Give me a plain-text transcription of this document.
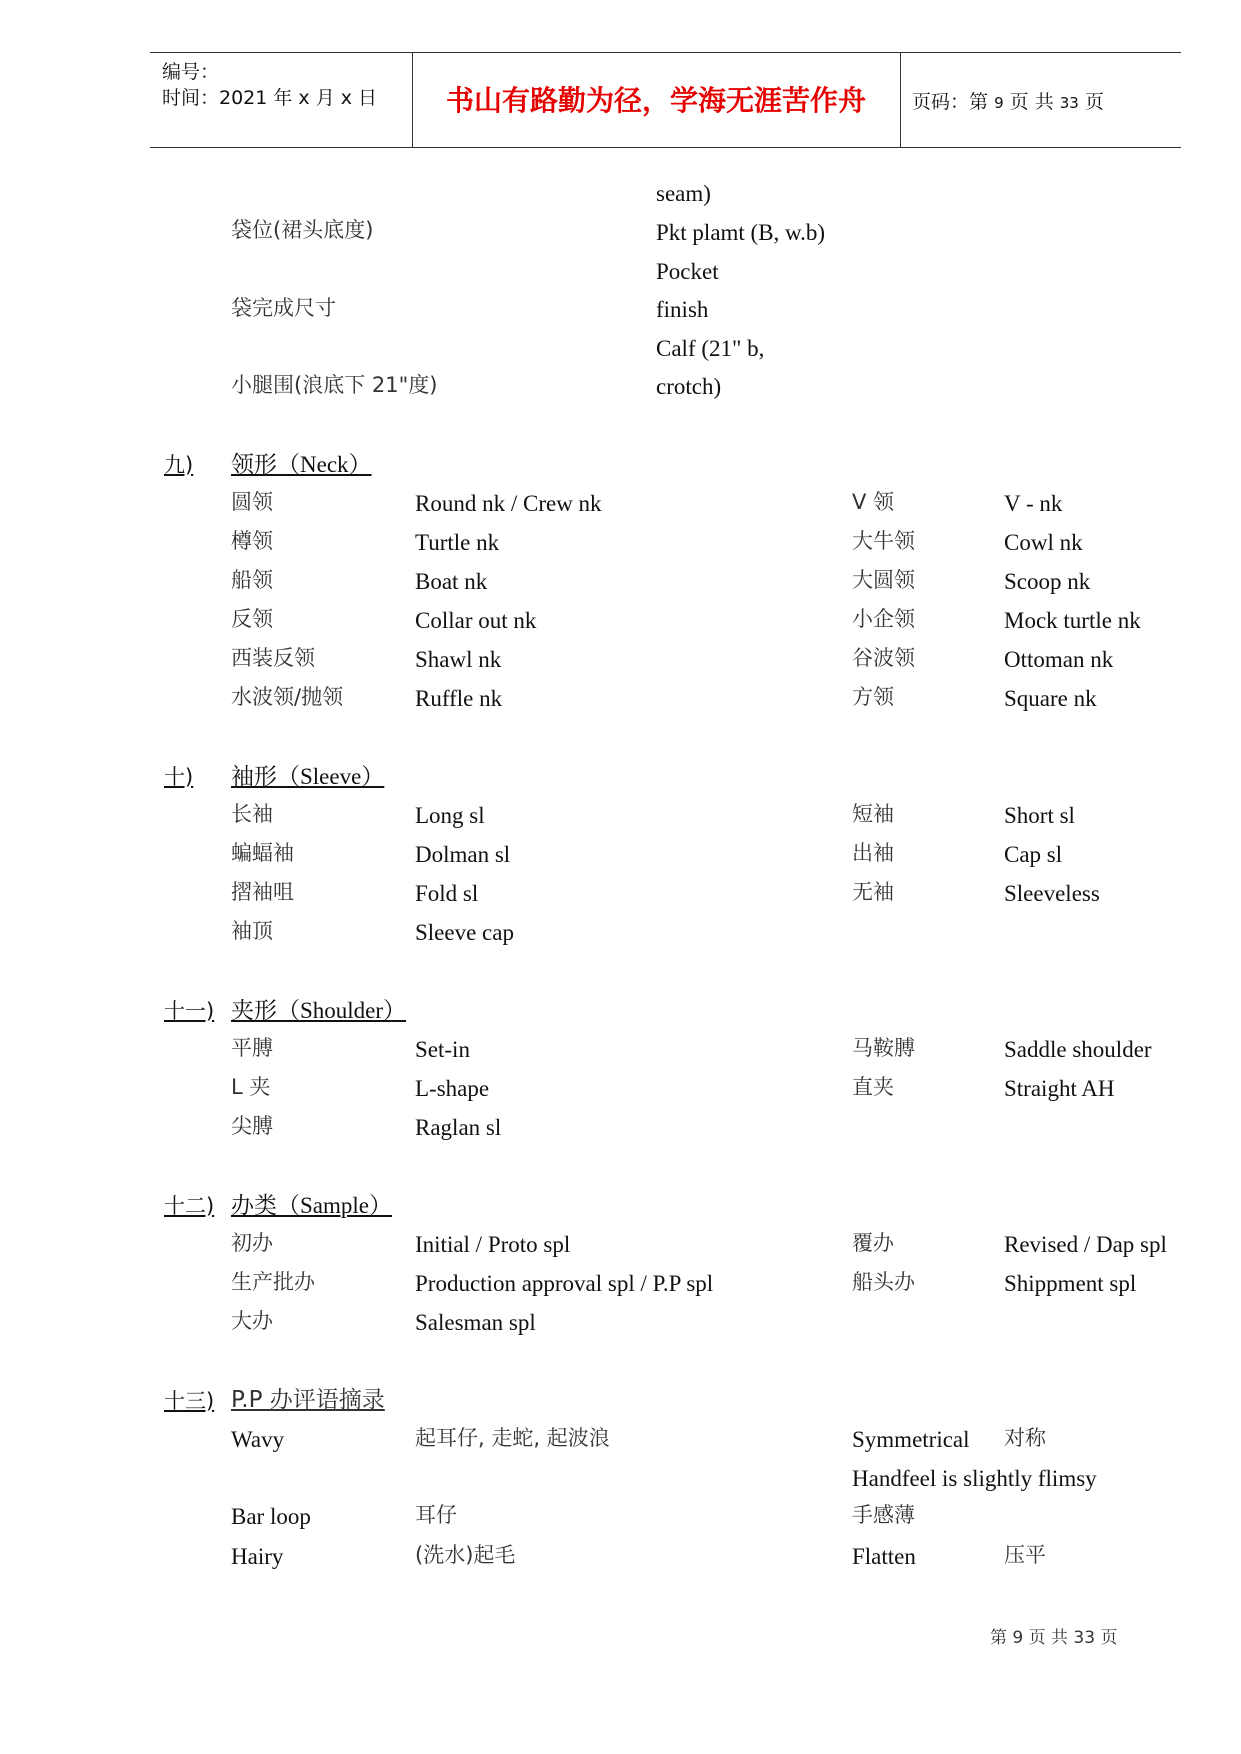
编号：
时间：2021 年 x 月 x 日	书山有路勤为径，学海无涯苦作舟	页码：第 9 页 共 33 页
seam)
袋位(裙头底度)	Pkt plamt (B, w.b)
Pocket
袋完成尺寸	finish
Calf (21" b,
小腿围(浪底下 21"度)	crotch)
九) 领形（Neck）
圆领	Round nk / Crew nk	V 领	V - nk
樽领	Turtle nk	大牛领	Cowl nk
船领	Boat nk	大圆领	Scoop nk
反领	Collar out nk	小企领	Mock turtle nk
西装反领	Shawl nk	谷波领	Ottoman nk
水波领/抛领	Ruffle nk	方领	Square nk
十) 袖形（Sleeve）
长袖	Long sl	短袖	Short sl
蝙蝠袖	Dolman sl	出袖	Cap sl
摺袖咀	Fold sl	无袖	Sleeveless
袖顶	Sleeve cap
十一) 夹形（Shoulder）
平膊	Set-in	马鞍膊	Saddle shoulder
L 夹	L-shape	直夹	Straight AH
尖膊	Raglan sl
十二) 办类（Sample）
初办	Initial / Proto spl	覆办	Revised / Dap spl
生产批办	Production approval spl / P.P spl	船头办	Shippment spl
大办	Salesman spl
十三) P.P 办评语摘录
Wavy	起耳仔, 走蛇, 起波浪	Symmetrical 对称
Handfeel is slightly flimsy
Bar loop	耳仔	手感薄
Hairy	(洗水)起毛	Flatten	压平
第 9 页 共 33 页
